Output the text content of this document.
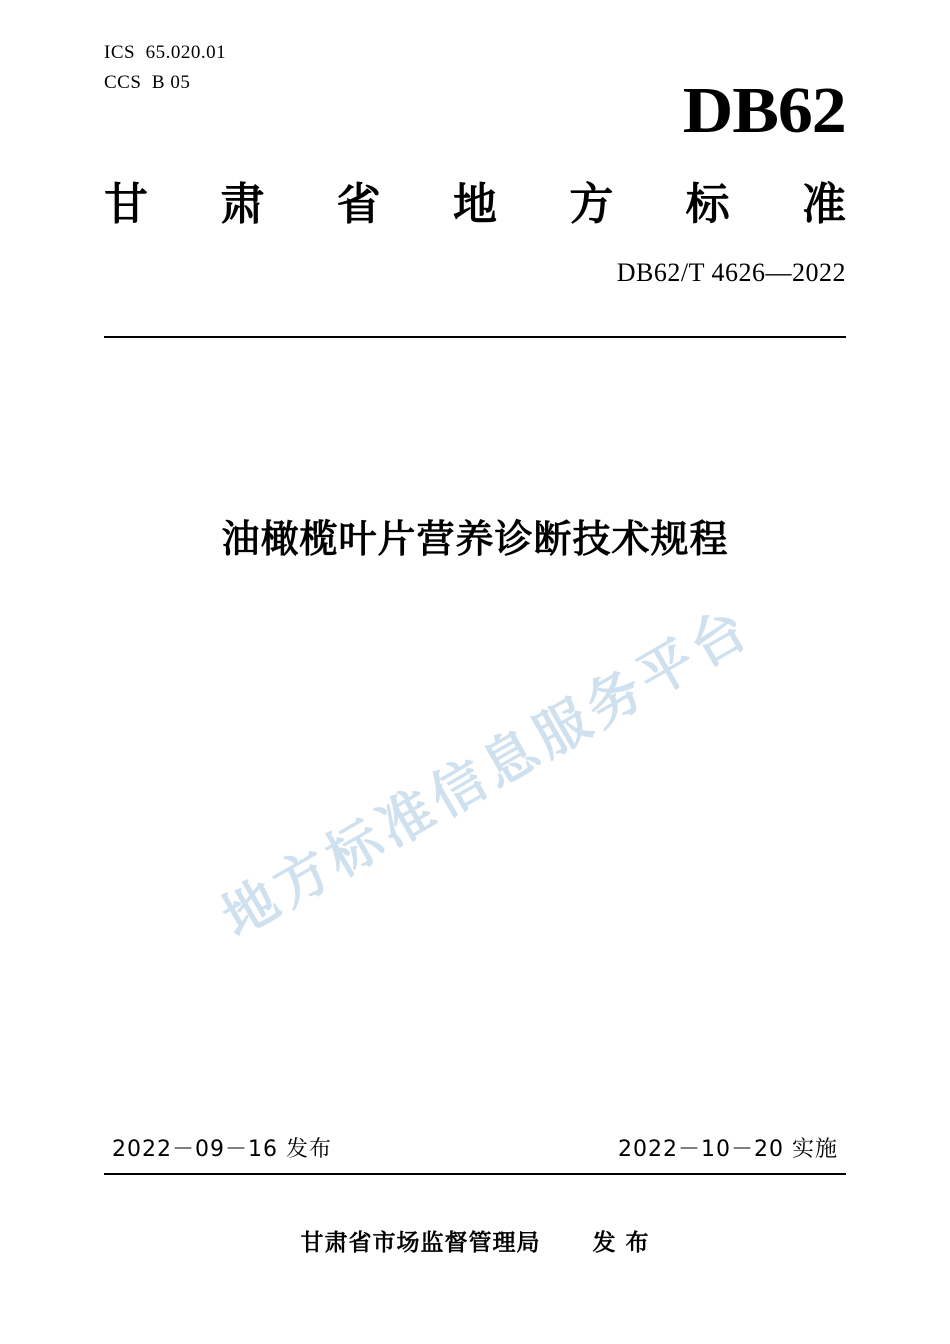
ICS  65.020.01
CCS  B 05	DB62
甘 肃 省 地 方 标 准
DB62/T 4626—2022
油橄榄叶片营养诊断技术规程
地方标准信息服务平台
2022－09－16 发布	2022－10－20 实施
甘肃省市场监督管理局 发 布
